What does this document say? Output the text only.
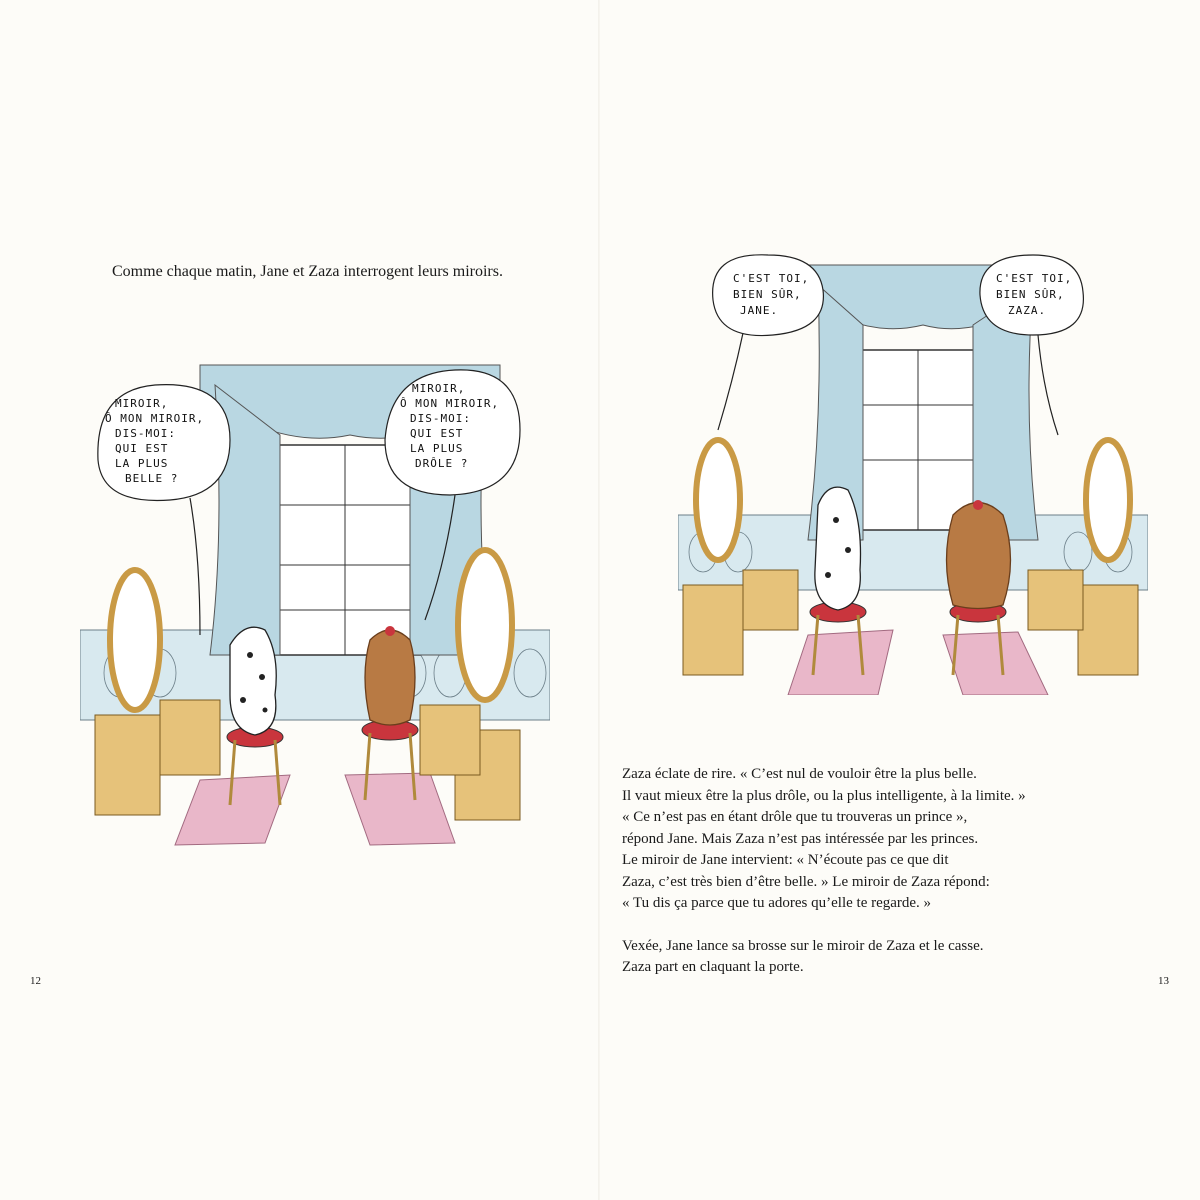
Comme chaque matin, Jane et Zaza interrogent leurs miroirs.
MIROIR,
Ô MON MIROIR,
DIS-MOI:
QUI EST
LA PLUS
BELLE ?
MIROIR,
Ô MON MIROIR,
DIS-MOI:
QUI EST
LA PLUS
DRÔLE ?
12
C'EST TOI,
BIEN SÛR,
JANE.
C'EST TOI,
BIEN SÛR,
ZAZA.

Zaza éclate de rire. « C’est nul de vouloir être la plus belle.
Il vaut mieux être la plus drôle, ou la plus intelligente, à la limite. »
« Ce n’est pas en étant drôle que tu trouveras un prince »,
répond Jane. Mais Zaza n’est pas intéressée par les princes.
Le miroir de Jane intervient: « N’écoute pas ce que dit
Zaza, c’est très bien d’être belle. » Le miroir de Zaza répond:
« Tu dis ça parce que tu adores qu’elle te regarde. »

Vexée, Jane lance sa brosse sur le miroir de Zaza et le casse.
Zaza part en claquant la porte.

13
